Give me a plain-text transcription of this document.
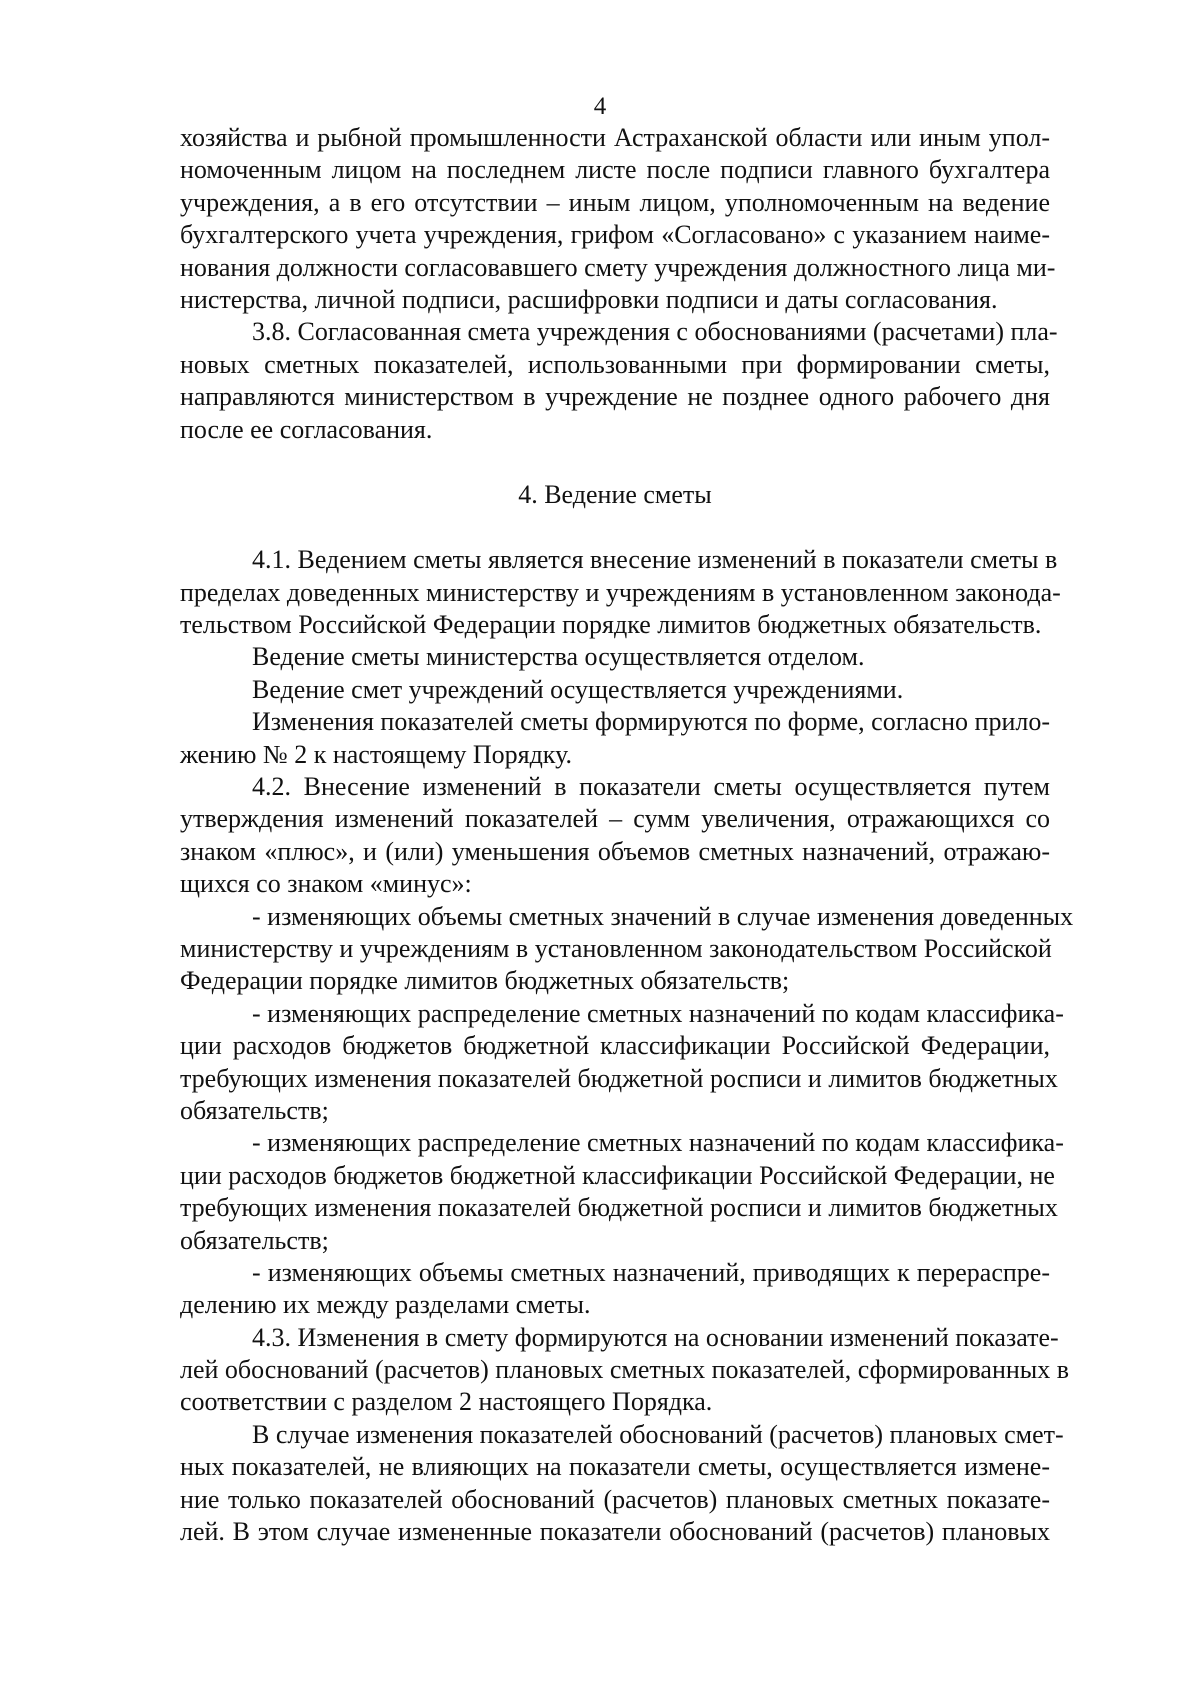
4
хозяйства и рыбной промышленности Астраханской области или иным упол-
номоченным лицом на последнем листе после подписи главного бухгалтера
учреждения, а в его отсутствии – иным лицом, уполномоченным на ведение
бухгалтерского учета учреждения, грифом «Согласовано» с указанием наиме-
нования должности согласовавшего смету учреждения должностного лица ми-
нистерства, личной подписи, расшифровки подписи и даты согласования.
3.8. Согласованная смета учреждения с обоснованиями (расчетами) пла-
новых сметных показателей, использованными при формировании сметы,
направляются министерством в учреждение не позднее одного рабочего дня
после ее согласования.
4. Ведение сметы
4.1. Ведением сметы является внесение изменений в показатели сметы в
пределах доведенных министерству и учреждениям в установленном законода-
тельством Российской Федерации порядке лимитов бюджетных обязательств.
Ведение сметы министерства осуществляется отделом.
Ведение смет учреждений осуществляется учреждениями.
Изменения показателей сметы формируются по форме, согласно прило-
жению № 2 к настоящему Порядку.
4.2. Внесение изменений в показатели сметы осуществляется путем
утверждения изменений показателей – сумм увеличения, отражающихся со
знаком «плюс», и (или) уменьшения объемов сметных назначений, отражаю-
щихся со знаком «минус»:
- изменяющих объемы сметных значений в случае изменения доведенных
министерству и учреждениям в установленном законодательством Российской
Федерации порядке лимитов бюджетных обязательств;
- изменяющих распределение сметных назначений по кодам классифика-
ции расходов бюджетов бюджетной классификации Российской Федерации,
требующих изменения показателей бюджетной росписи и лимитов бюджетных
обязательств;
- изменяющих распределение сметных назначений по кодам классифика-
ции расходов бюджетов бюджетной классификации Российской Федерации, не
требующих изменения показателей бюджетной росписи и лимитов бюджетных
обязательств;
- изменяющих объемы сметных назначений, приводящих к перераспре-
делению их между разделами сметы.
4.3. Изменения в смету формируются на основании изменений показате-
лей обоснований (расчетов) плановых сметных показателей, сформированных в
соответствии с разделом 2 настоящего Порядка.
В случае изменения показателей обоснований (расчетов) плановых смет-
ных показателей, не влияющих на показатели сметы, осуществляется измене-
ние только показателей обоснований (расчетов) плановых сметных показате-
лей. В этом случае измененные показатели обоснований (расчетов) плановых
